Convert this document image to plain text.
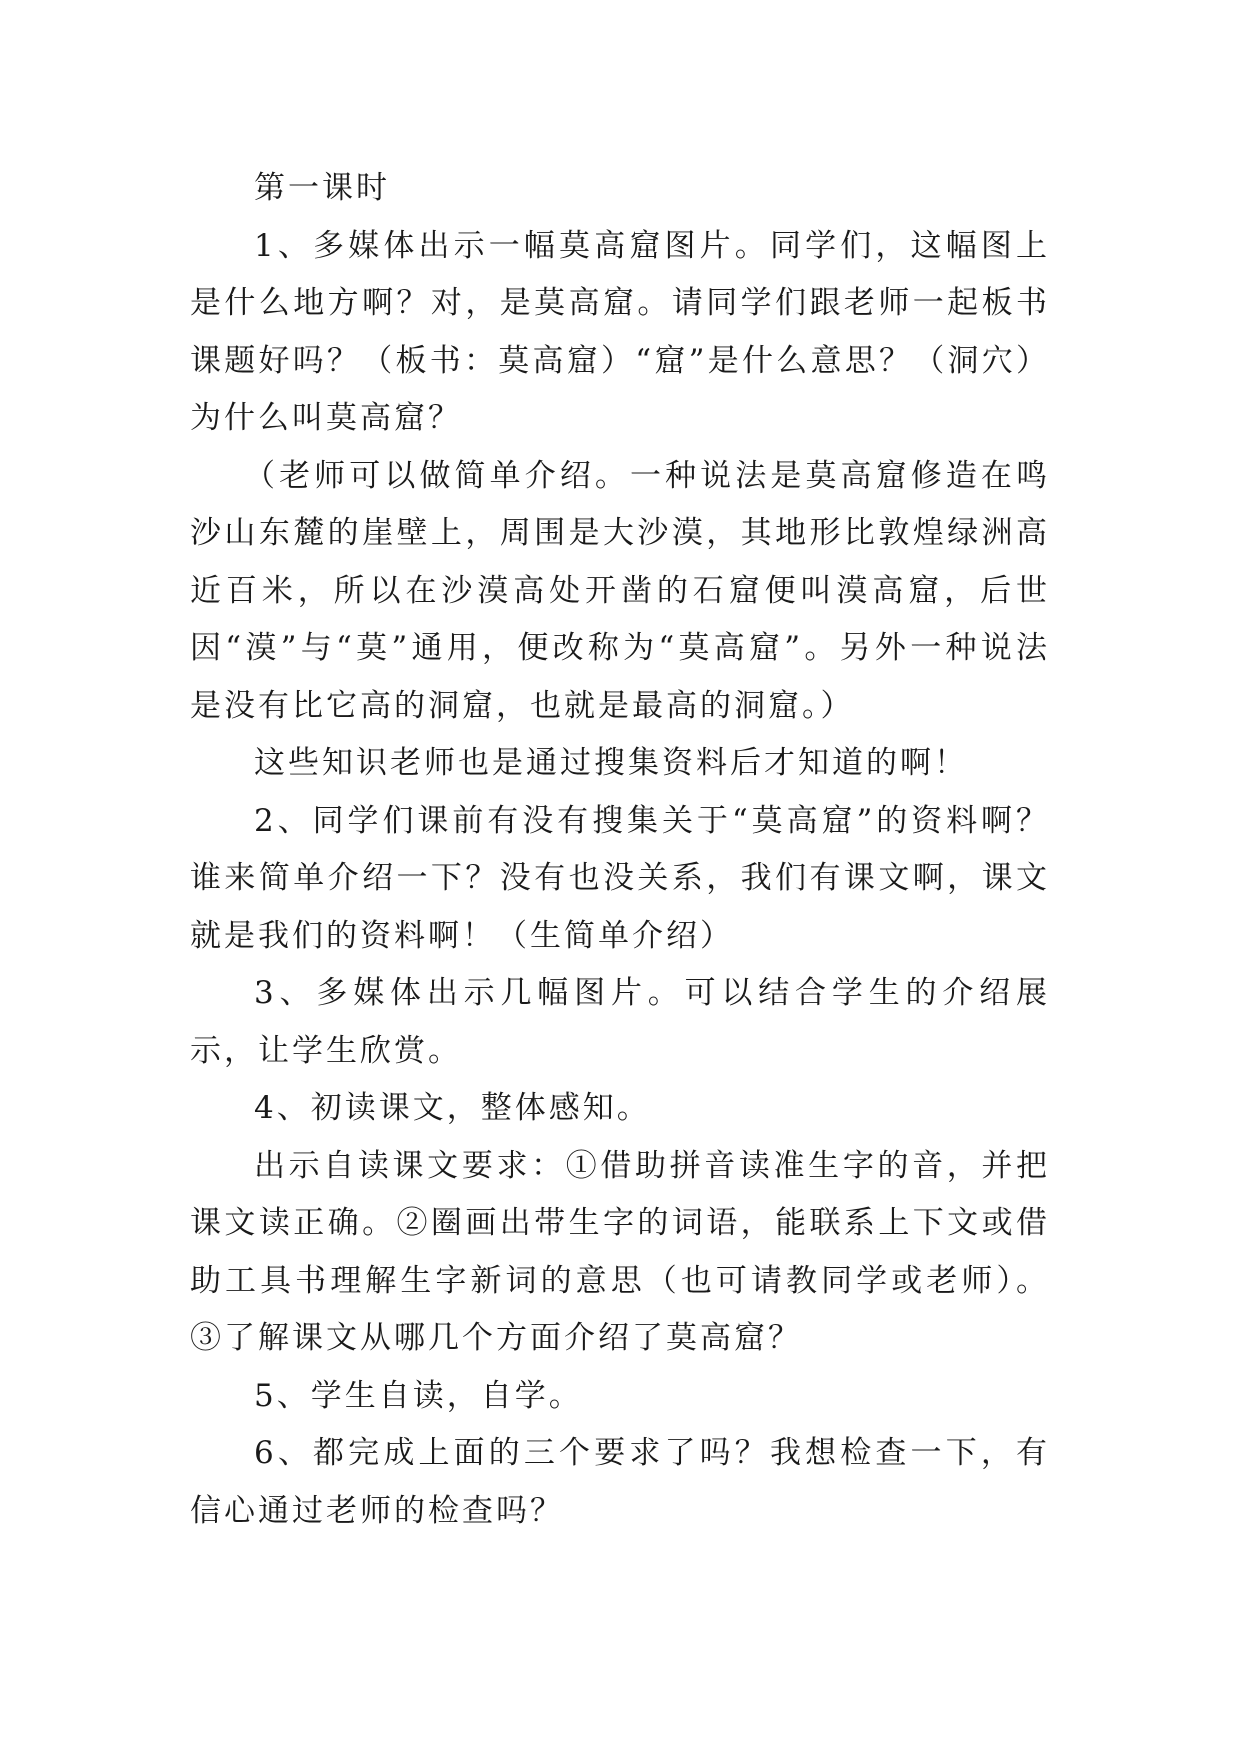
第一课时

1、多媒体出示一幅莫高窟图片。同学们，这幅图上是什么地方啊？对，是莫高窟。请同学们跟老师一起板书课题好吗？（板书：莫高窟）“窟”是什么意思？（洞穴）为什么叫莫高窟？

（老师可以做简单介绍。一种说法是莫高窟修造在鸣沙山东麓的崖壁上，周围是大沙漠，其地形比敦煌绿洲高近百米，所以在沙漠高处开凿的石窟便叫漠高窟，后世因“漠”与“莫”通用，便改称为“莫高窟”。另外一种说法是没有比它高的洞窟，也就是最高的洞窟。）

这些知识老师也是通过搜集资料后才知道的啊！

2、同学们课前有没有搜集关于“莫高窟”的资料啊？谁来简单介绍一下？没有也没关系，我们有课文啊，课文就是我们的资料啊！（生简单介绍）

3、多媒体出示几幅图片。可以结合学生的介绍展示，让学生欣赏。

4、初读课文，整体感知。

出示自读课文要求：①借助拼音读准生字的音，并把课文读正确。②圈画出带生字的词语，能联系上下文或借助工具书理解生字新词的意思（也可请教同学或老师）。③了解课文从哪几个方面介绍了莫高窟？

5、学生自读，自学。

6、都完成上面的三个要求了吗？我想检查一下，有信心通过老师的检查吗？
